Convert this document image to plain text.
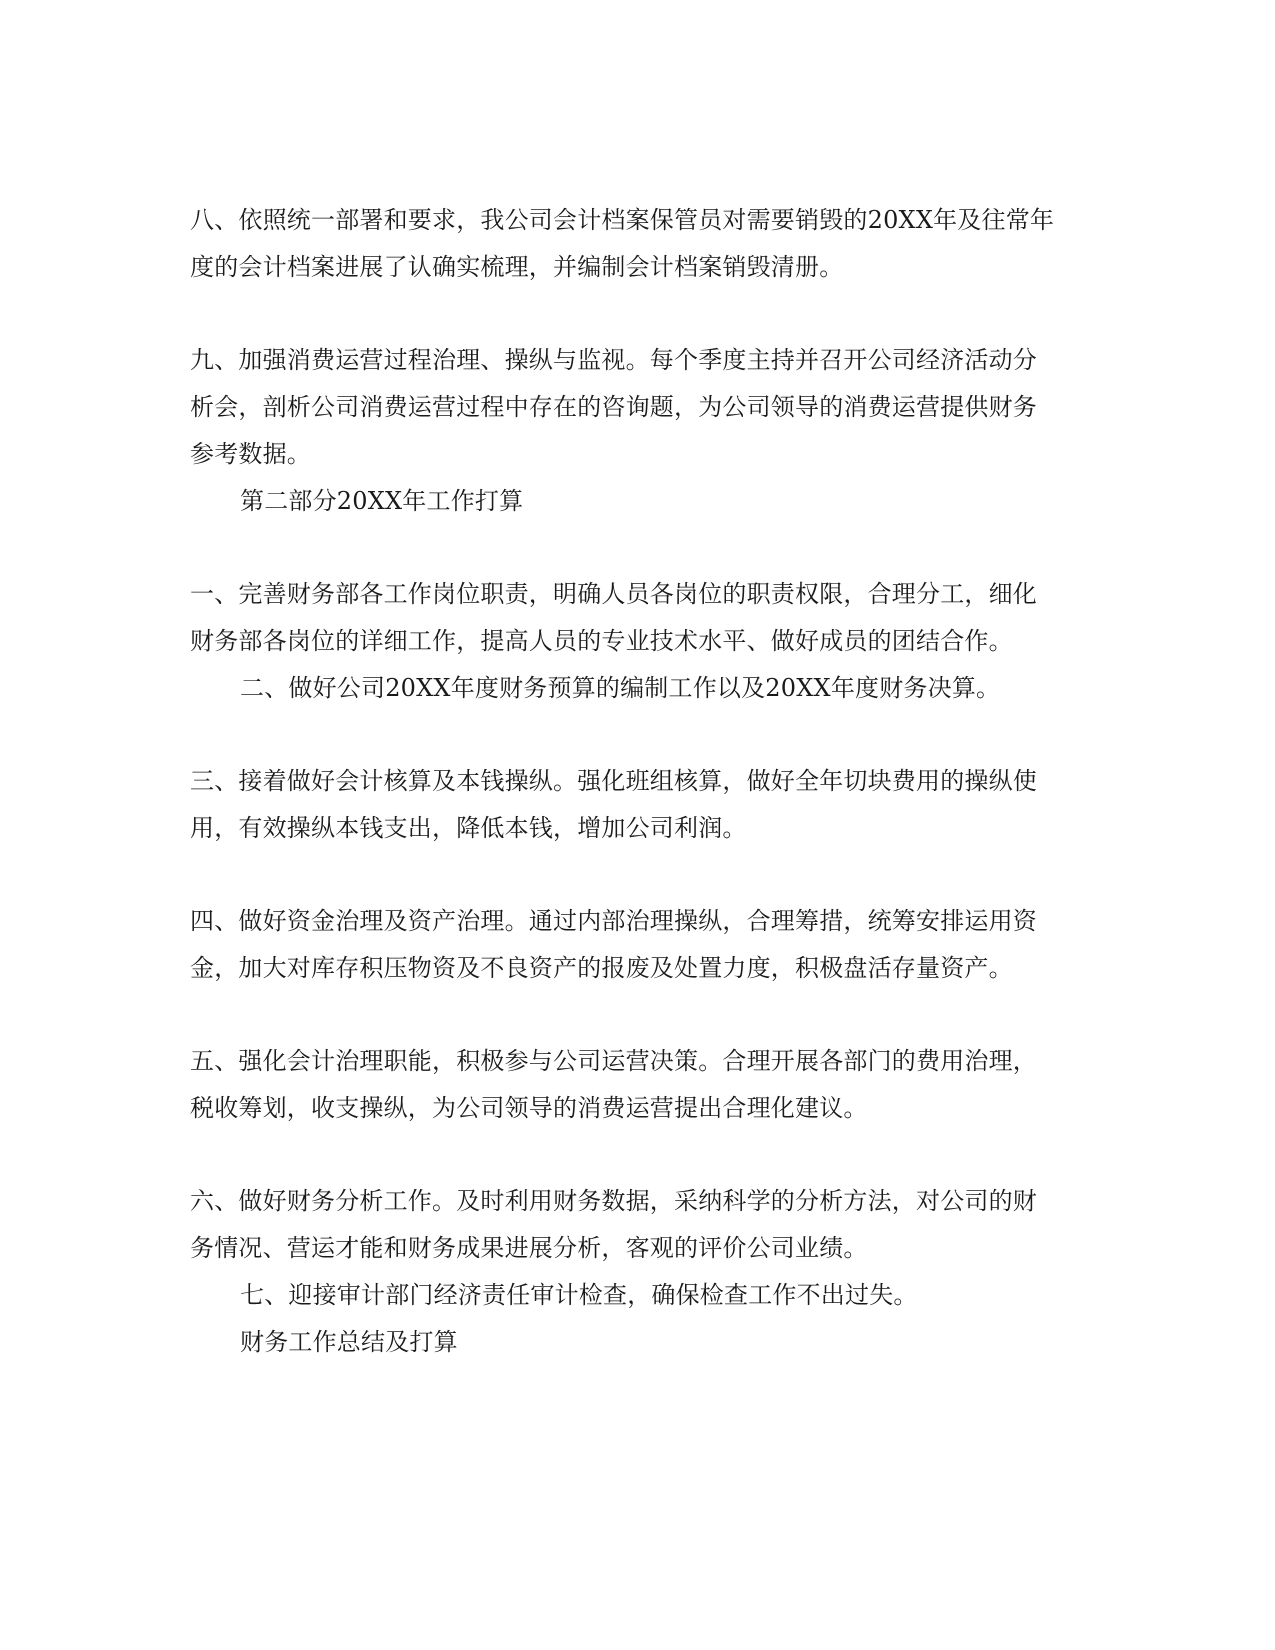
八、依照统一部署和要求，我公司会计档案保管员对需要销毁的20XX年及往常年
度的会计档案进展了认确实梳理，并编制会计档案销毁清册。
九、加强消费运营过程治理、操纵与监视。每个季度主持并召开公司经济活动分
析会，剖析公司消费运营过程中存在的咨询题，为公司领导的消费运营提供财务
参考数据。
第二部分20XX年工作打算
一、完善财务部各工作岗位职责，明确人员各岗位的职责权限，合理分工，细化
财务部各岗位的详细工作，提高人员的专业技术水平、做好成员的团结合作。
二、做好公司20XX年度财务预算的编制工作以及20XX年度财务决算。
三、接着做好会计核算及本钱操纵。强化班组核算，做好全年切块费用的操纵使
用，有效操纵本钱支出，降低本钱，增加公司利润。
四、做好资金治理及资产治理。通过内部治理操纵，合理筹措，统筹安排运用资
金，加大对库存积压物资及不良资产的报废及处置力度，积极盘活存量资产。
五、强化会计治理职能，积极参与公司运营决策。合理开展各部门的费用治理，
税收筹划，收支操纵，为公司领导的消费运营提出合理化建议。
六、做好财务分析工作。及时利用财务数据，采纳科学的分析方法，对公司的财
务情况、营运才能和财务成果进展分析，客观的评价公司业绩。
七、迎接审计部门经济责任审计检查，确保检查工作不出过失。
财务工作总结及打算
